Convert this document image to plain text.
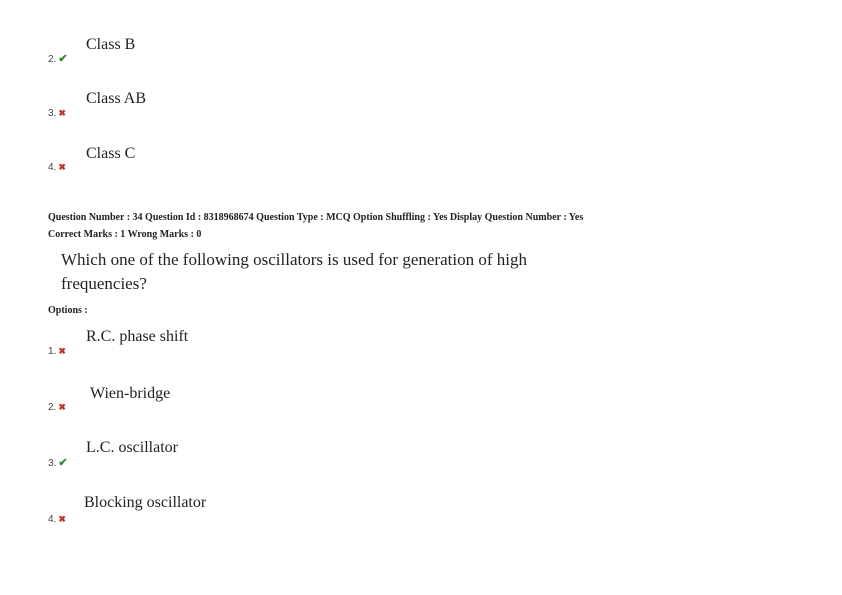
Class B
2. ✔
Class AB
3. ✖
Class C
4. ✖
Question Number : 34 Question Id : 8318968674 Question Type : MCQ Option Shuffling : Yes Display Question Number : Yes
Correct Marks : 1 Wrong Marks : 0
Which one of the following oscillators is used for generation of high
frequencies?
Options :
R.C. phase shift
1. ✖
Wien-bridge
2. ✖
L.C. oscillator
3. ✔
Blocking oscillator
4. ✖
